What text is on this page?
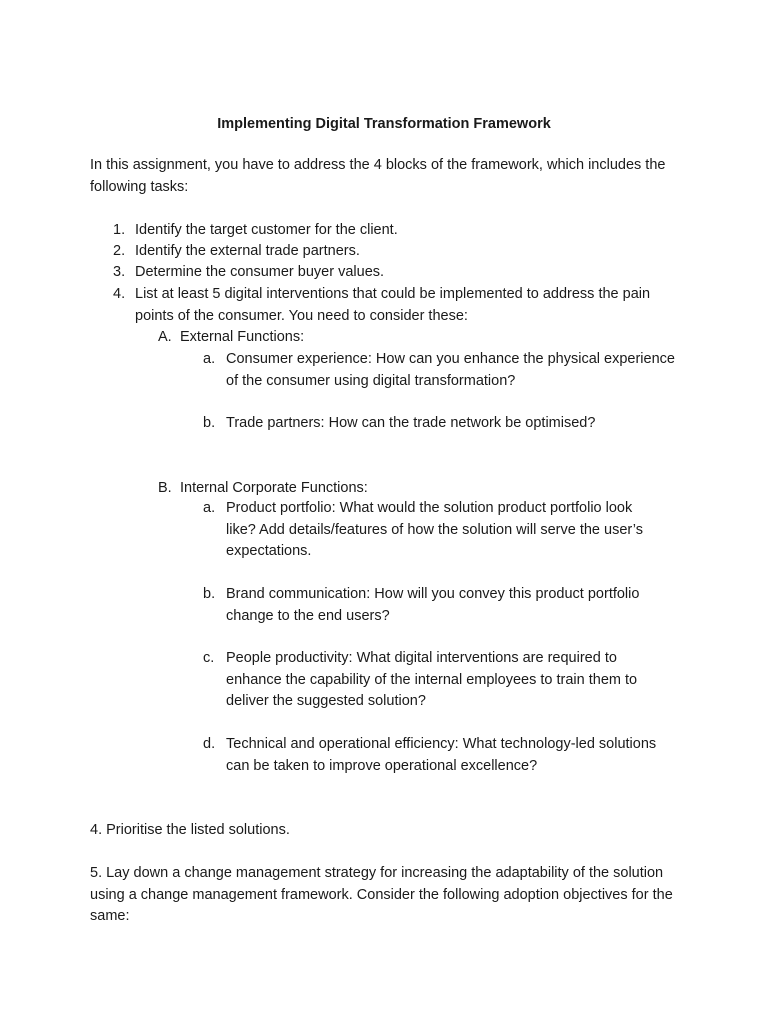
Implementing Digital Transformation Framework
In this assignment, you have to address the 4 blocks of the framework, which includes the following tasks:
1. Identify the target customer for the client.
2. Identify the external trade partners.
3. Determine the consumer buyer values.
4. List at least 5 digital interventions that could be implemented to address the pain points of the consumer. You need to consider these:
A. External Functions:
a. Consumer experience: How can you enhance the physical experience of the consumer using digital transformation?
b. Trade partners: How can the trade network be optimised?
B. Internal Corporate Functions:
a. Product portfolio: What would the solution product portfolio look like? Add details/features of how the solution will serve the user’s expectations.
b. Brand communication: How will you convey this product portfolio change to the end users?
c. People productivity: What digital interventions are required to enhance the capability of the internal employees to train them to deliver the suggested solution?
d. Technical and operational efficiency: What technology-led solutions can be taken to improve operational excellence?
4. Prioritise the listed solutions.
5. Lay down a change management strategy for increasing the adaptability of the solution using a change management framework. Consider the following adoption objectives for the same:
